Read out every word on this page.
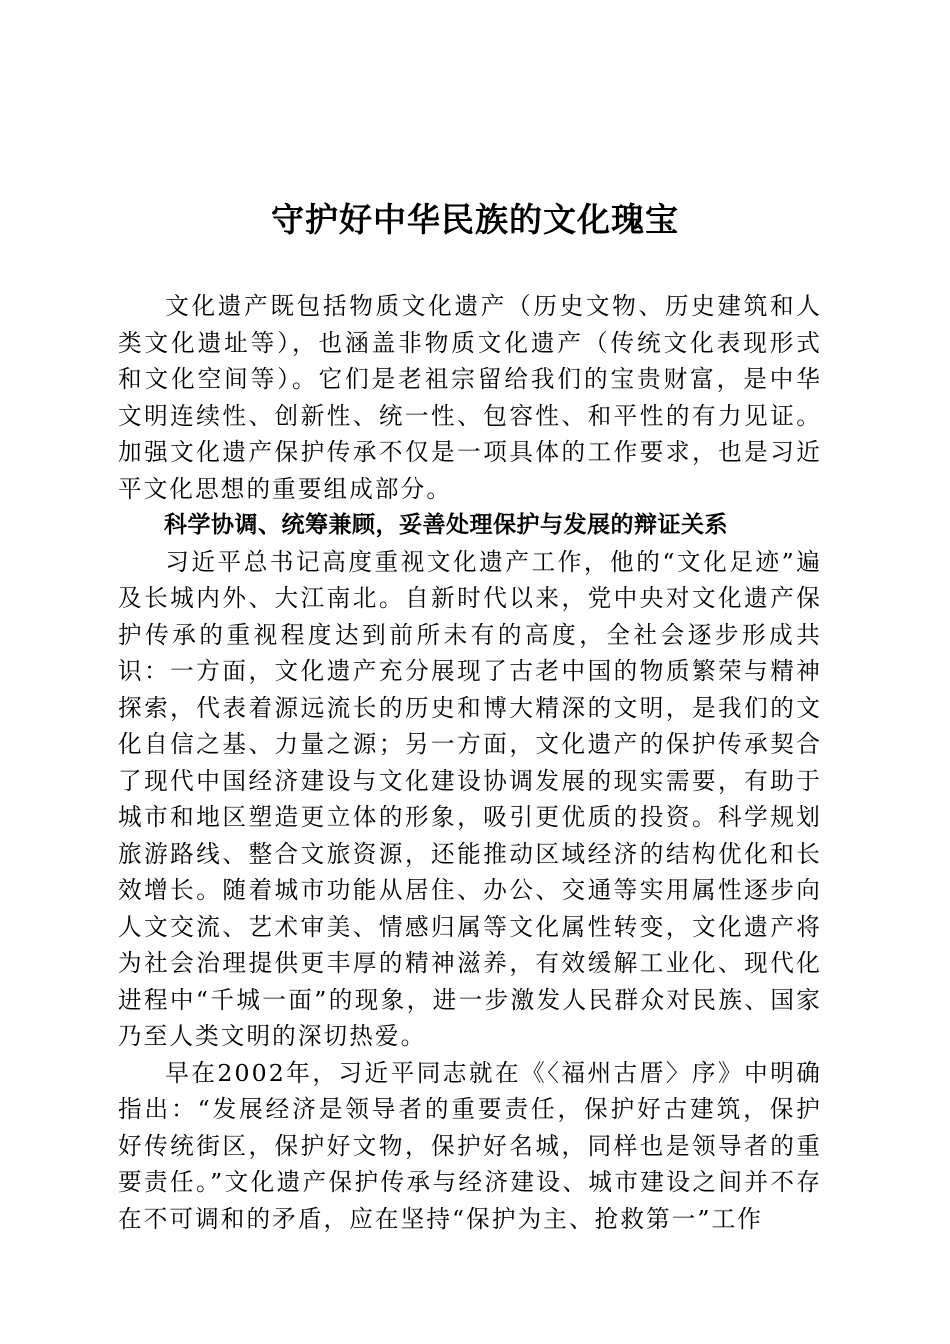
守护好中华民族的文化瑰宝

文化遗产既包括物质文化遗产（历史文物、历史建筑和人类文化遗址等），也涵盖非物质文化遗产（传统文化表现形式和文化空间等）。它们是老祖宗留给我们的宝贵财富，是中华文明连续性、创新性、统一性、包容性、和平性的有力见证。加强文化遗产保护传承不仅是一项具体的工作要求，也是习近平文化思想的重要组成部分。

科学协调、统筹兼顾，妥善处理保护与发展的辩证关系

习近平总书记高度重视文化遗产工作，他的“文化足迹”遍及长城内外、大江南北。自新时代以来，党中央对文化遗产保护传承的重视程度达到前所未有的高度，全社会逐步形成共识：一方面，文化遗产充分展现了古老中国的物质繁荣与精神探索，代表着源远流长的历史和博大精深的文明，是我们的文化自信之基、力量之源；另一方面，文化遗产的保护传承契合了现代中国经济建设与文化建设协调发展的现实需要，有助于城市和地区塑造更立体的形象，吸引更优质的投资。科学规划旅游路线、整合文旅资源，还能推动区域经济的结构优化和长效增长。随着城市功能从居住、办公、交通等实用属性逐步向人文交流、艺术审美、情感归属等文化属性转变，文化遗产将为社会治理提供更丰厚的精神滋养，有效缓解工业化、现代化进程中“千城一面”的现象，进一步激发人民群众对民族、国家乃至人类文明的深切热爱。

早在2002年，习近平同志就在《〈福州古厝〉序》中明确指出：“发展经济是领导者的重要责任，保护好古建筑，保护好传统街区，保护好文物，保护好名城，同样也是领导者的重要责任。”文化遗产保护传承与经济建设、城市建设之间并不存在不可调和的矛盾，应在坚持“保护为主、抢救第一”工作
